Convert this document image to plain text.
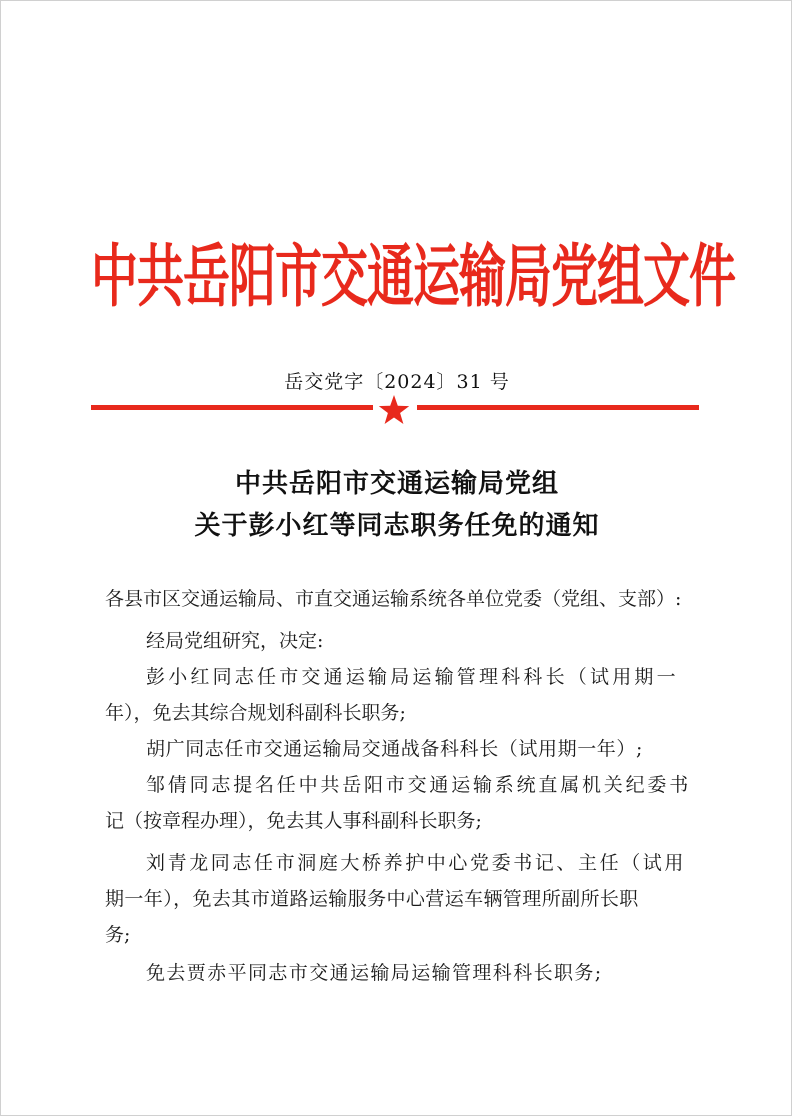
中共岳阳市交通运输局党组文件
岳交党字〔2024〕31 号
中共岳阳市交通运输局党组
关于彭小红等同志职务任免的通知
各县市区交通运输局、市直交通运输系统各单位党委（党组、支部）:
经局党组研究，决定:
彭小红同志任市交通运输局运输管理科科长（试用期一
年），免去其综合规划科副科长职务;
胡广同志任市交通运输局交通战备科科长（试用期一年）;
邹倩同志提名任中共岳阳市交通运输系统直属机关纪委书
记（按章程办理），免去其人事科副科长职务;
刘青龙同志任市洞庭大桥养护中心党委书记、主任（试用
期一年），免去其市道路运输服务中心营运车辆管理所副所长职
务;
免去贾赤平同志市交通运输局运输管理科科长职务;
